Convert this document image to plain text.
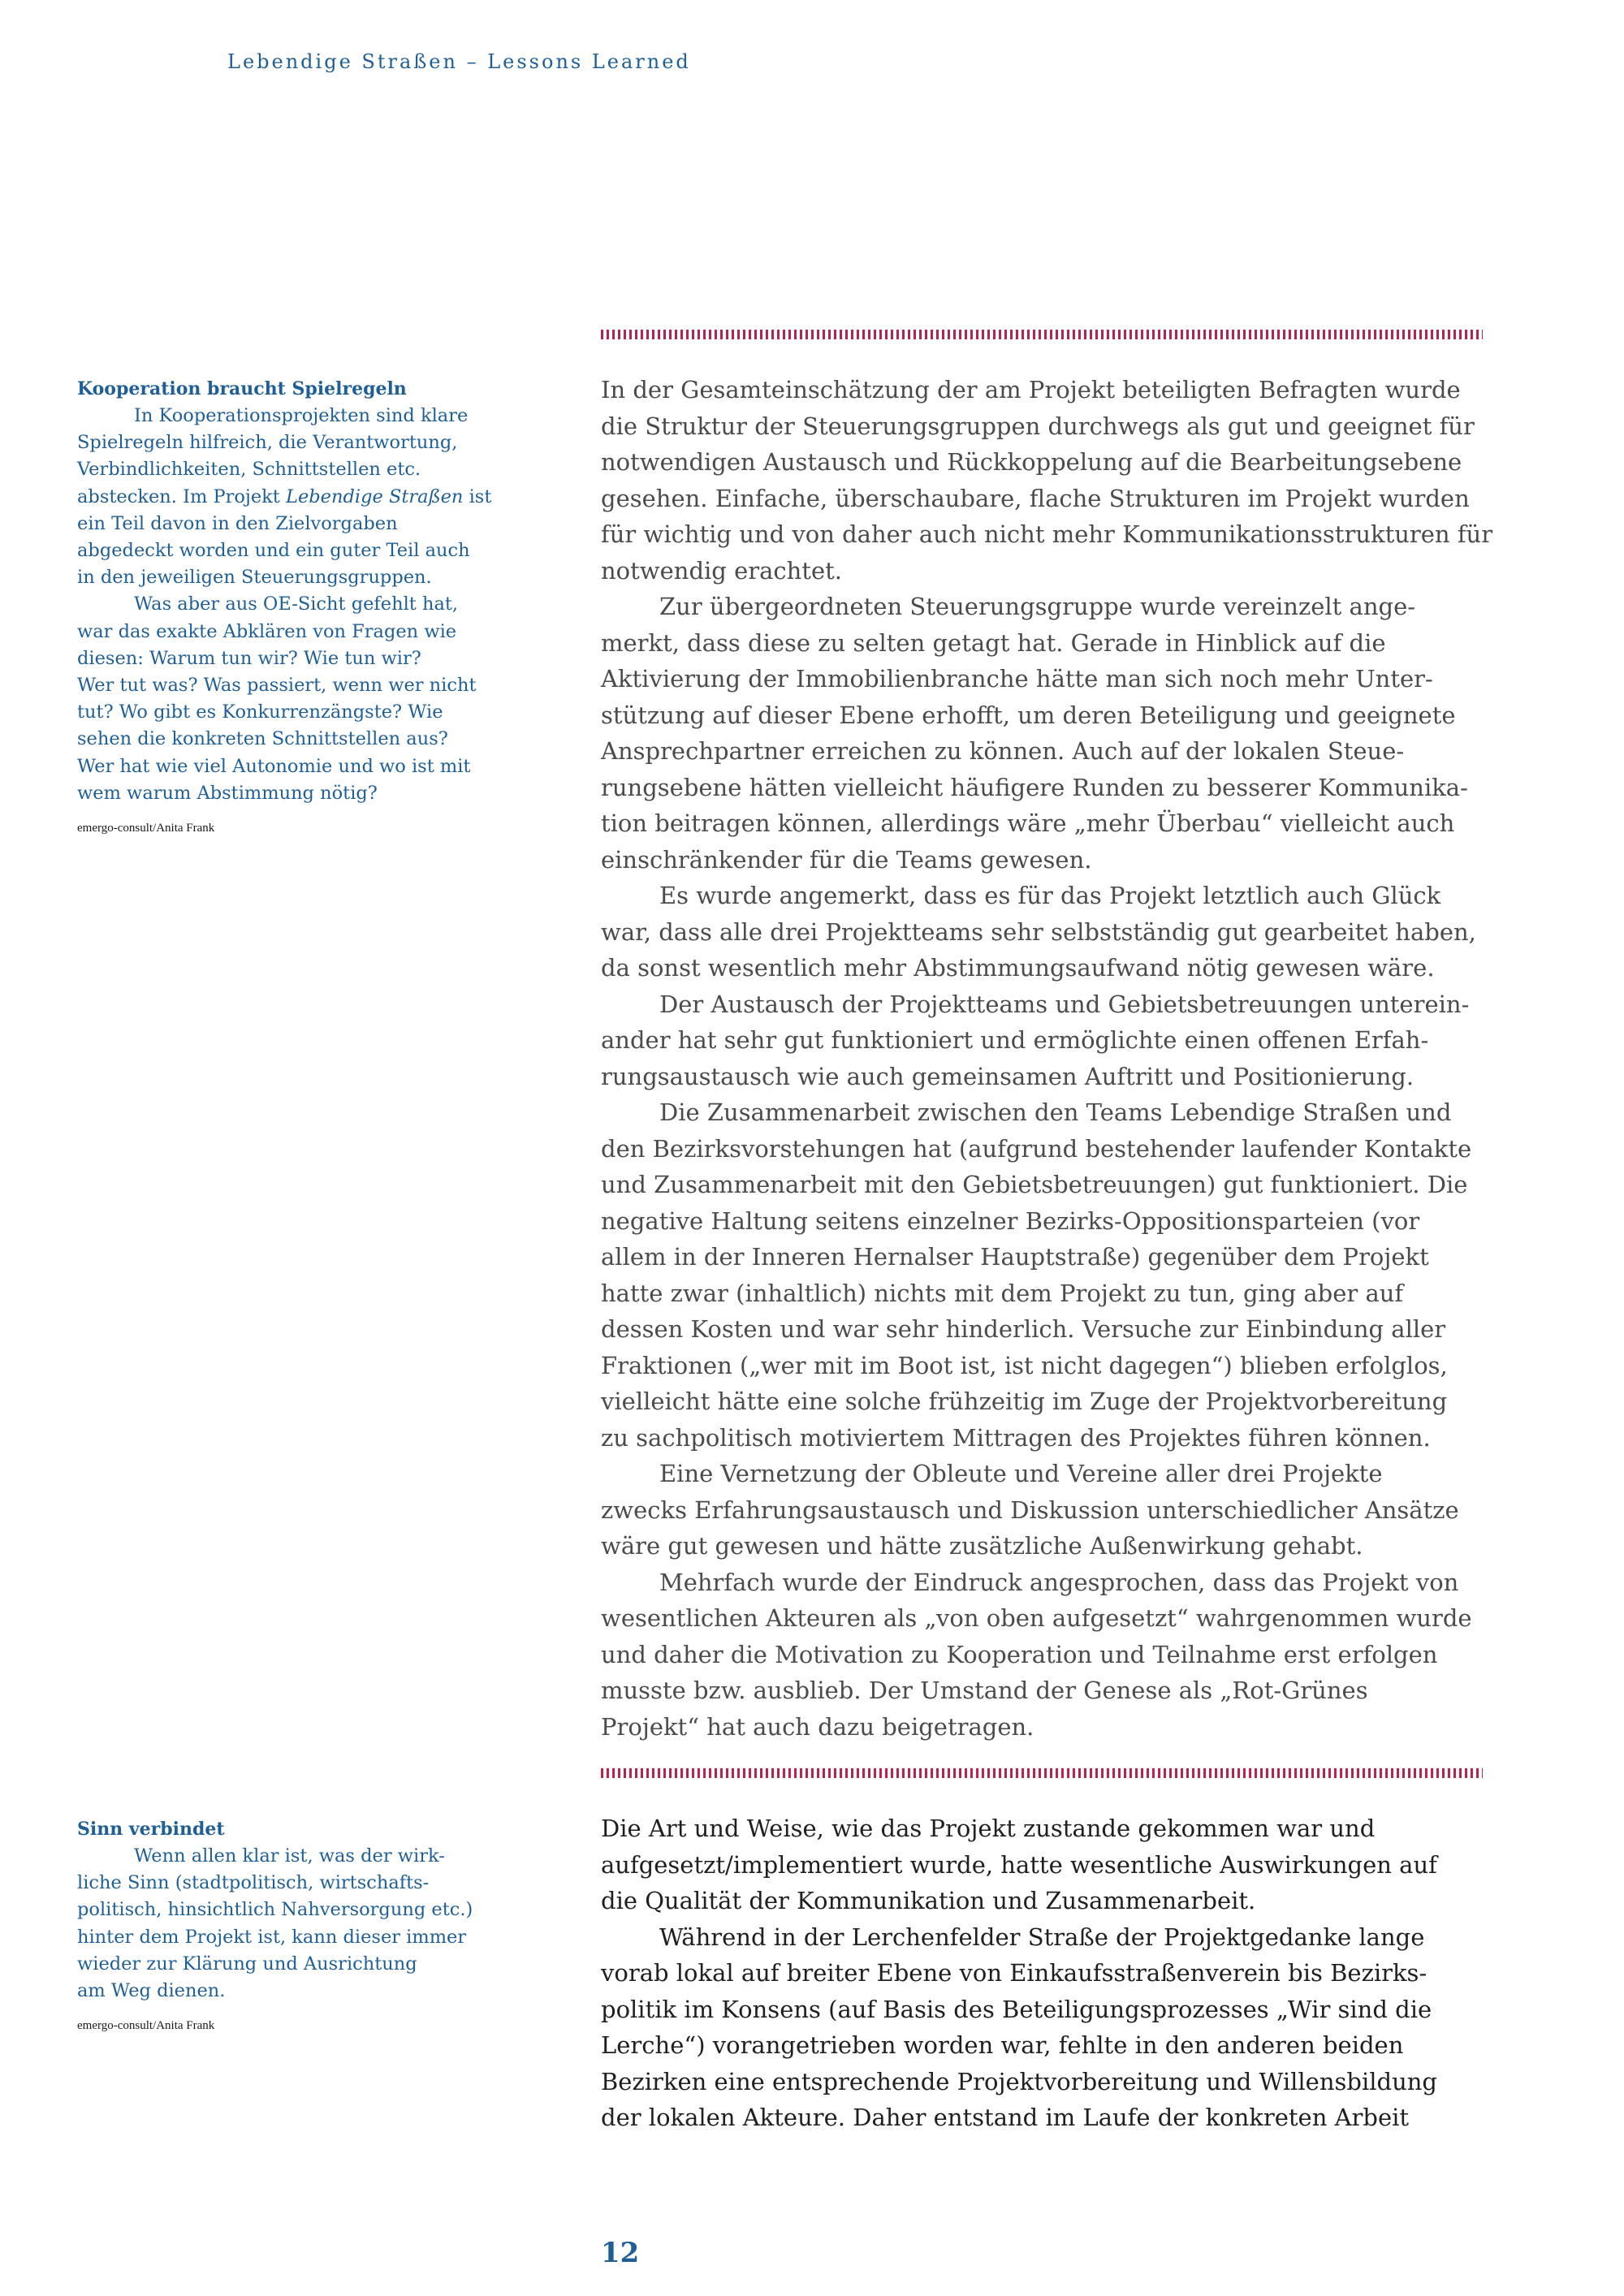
Lebendige Straßen – Lessons Learned
Kooperation braucht Spielregeln
In Kooperationsprojekten sind klare
Spielregeln hilfreich, die Verantwortung,
Verbindlichkeiten, Schnittstellen etc.
abstecken. Im Projekt Lebendige Straßen ist
ein Teil davon in den Zielvorgaben
abgedeckt worden und ein guter Teil auch
in den jeweiligen Steuerungsgruppen.
Was aber aus OE-Sicht gefehlt hat,
war das exakte Abklären von Fragen wie
diesen: Warum tun wir? Wie tun wir?
Wer tut was? Was passiert, wenn wer nicht
tut? Wo gibt es Konkurrenzängste? Wie
sehen die konkreten Schnittstellen aus?
Wer hat wie viel Autonomie und wo ist mit
wem warum Abstimmung nötig?
emergo-consult/Anita Frank
In der Gesamteinschätzung der am Projekt beteiligten Befragten wurde
die Struktur der Steuerungsgruppen durchwegs als gut und geeignet für
notwendigen Austausch und Rückkoppelung auf die Bearbeitungsebene
gesehen. Einfache, überschaubare, flache Strukturen im Projekt wurden
für wichtig und von daher auch nicht mehr Kommunikationsstrukturen für
notwendig erachtet.
Zur übergeordneten Steuerungsgruppe wurde vereinzelt ange-
merkt, dass diese zu selten getagt hat. Gerade in Hinblick auf die
Aktivierung der Immobilienbranche hätte man sich noch mehr Unter-
stützung auf dieser Ebene erhofft, um deren Beteiligung und geeignete
Ansprechpartner erreichen zu können. Auch auf der lokalen Steue-
rungsebene hätten vielleicht häufigere Runden zu besserer Kommunika-
tion beitragen können, allerdings wäre „mehr Überbau“ vielleicht auch
einschränkender für die Teams gewesen.
Es wurde angemerkt, dass es für das Projekt letztlich auch Glück
war, dass alle drei Projektteams sehr selbstständig gut gearbeitet haben,
da sonst wesentlich mehr Abstimmungsaufwand nötig gewesen wäre.
Der Austausch der Projektteams und Gebietsbetreuungen unterein-
ander hat sehr gut funktioniert und ermöglichte einen offenen Erfah-
rungsaustausch wie auch gemeinsamen Auftritt und Positionierung.
Die Zusammenarbeit zwischen den Teams Lebendige Straßen und
den Bezirksvorstehungen hat (aufgrund bestehender laufender Kontakte
und Zusammenarbeit mit den Gebietsbetreuungen) gut funktioniert. Die
negative Haltung seitens einzelner Bezirks-Oppositionsparteien (vor
allem in der Inneren Hernalser Hauptstraße) gegenüber dem Projekt
hatte zwar (inhaltlich) nichts mit dem Projekt zu tun, ging aber auf
dessen Kosten und war sehr hinderlich. Versuche zur Einbindung aller
Fraktionen („wer mit im Boot ist, ist nicht dagegen“) blieben erfolglos,
vielleicht hätte eine solche frühzeitig im Zuge der Projektvorbereitung
zu sachpolitisch motiviertem Mittragen des Projektes führen können.
Eine Vernetzung der Obleute und Vereine aller drei Projekte
zwecks Erfahrungsaustausch und Diskussion unterschiedlicher Ansätze
wäre gut gewesen und hätte zusätzliche Außenwirkung gehabt.
Mehrfach wurde der Eindruck angesprochen, dass das Projekt von
wesentlichen Akteuren als „von oben aufgesetzt“ wahrgenommen wurde
und daher die Motivation zu Kooperation und Teilnahme erst erfolgen
musste bzw. ausblieb. Der Umstand der Genese als „Rot-Grünes
Projekt“ hat auch dazu beigetragen.
Sinn verbindet
Wenn allen klar ist, was der wirk-
liche Sinn (stadtpolitisch, wirtschafts-
politisch, hinsichtlich Nahversorgung etc.)
hinter dem Projekt ist, kann dieser immer
wieder zur Klärung und Ausrichtung
am Weg dienen.
emergo-consult/Anita Frank
Die Art und Weise, wie das Projekt zustande gekommen war und
aufgesetzt/implementiert wurde, hatte wesentliche Auswirkungen auf
die Qualität der Kommunikation und Zusammenarbeit.
Während in der Lerchenfelder Straße der Projektgedanke lange
vorab lokal auf breiter Ebene von Einkaufsstraßenverein bis Bezirks-
politik im Konsens (auf Basis des Beteiligungsprozesses „Wir sind die
Lerche“) vorangetrieben worden war, fehlte in den anderen beiden
Bezirken eine entsprechende Projektvorbereitung und Willensbildung
der lokalen Akteure. Daher entstand im Laufe der konkreten Arbeit
12
